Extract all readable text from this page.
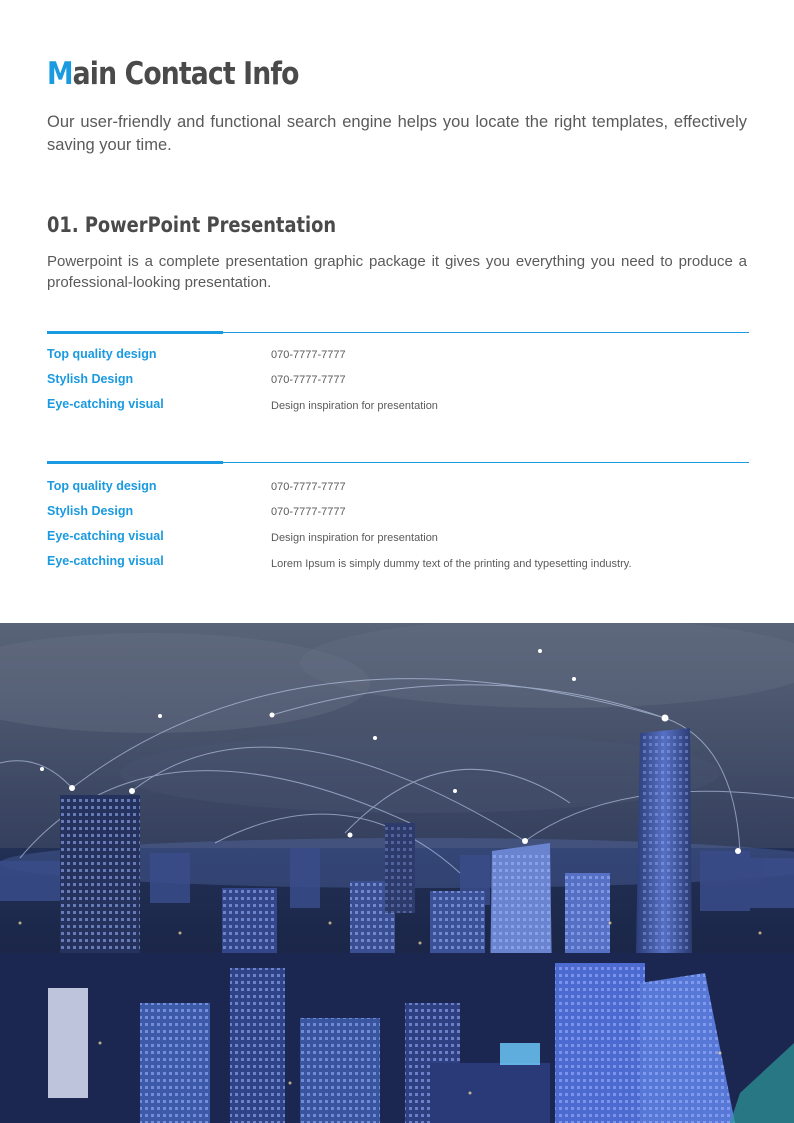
Main Contact Info

Our user-friendly and functional search engine helps you locate the right templates, effectively saving your time.

01. PowerPoint Presentation

Powerpoint is a complete presentation graphic package it gives you everything you need to produce a professional-looking presentation.

Top quality design	070-7777-7777
Stylish Design	070-7777-7777
Eye-catching visual	Design inspiration for presentation
Top quality design	070-7777-7777
Stylish Design	070-7777-7777
Eye-catching visual	Design inspiration for presentation
Eye-catching visual	Lorem Ipsum is simply dummy text of the printing and typesetting industry.
